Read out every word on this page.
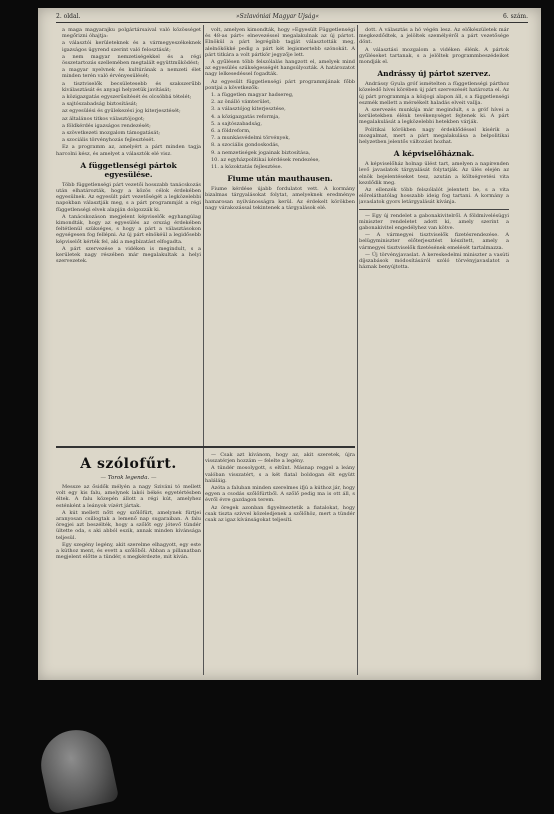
2. oldal.	»Szlavóniai Magyar Ujság«	6. szám.

a maga magyarajku polgártársaival való közösséget megőrizni óhajtja:

a választói kerületeknek és a vármegyeszékeknek igazságos ügyrend szerint való felosztását;

a nem magyar nemzetiségekkel és a régi összetartozás szellemében megtalált együttműködést;

a magyar nyelvnek és kultúrának a nemzeti élet minden terén való érvényesülését;

a tisztviselők becsületesebb és szakszerűbb kiválasztását és anyagi helyzetük javítását;

a közigazgatás egyszerűsítését és olcsóbbá tételét;

a sajtószabadság biztosítását;

az egyesülési és gyülekezési jog kiterjesztését;

az általános titkos választójogot;

a földkérdés igazságos rendezését;

a szövetkezeti mozgalom támogatását;

a szociális törvényhozás fejlesztését.

Ez a programm az, amelyért a párt minden tagja harcolni kész, és amelyet a választók elé visz.

A függetlenségi pártok egyesülése.

Több függetlenségi párt vezetői hosszabb tanácskozás után elhatározták, hogy a közös célok érdekében egyesülnek. Az egyesült párt vezetőségét a legközelebbi napokban választják meg, s a párt programmját a régi függetlenségi elvek alapján dolgozzák ki.

A tanácskozáson megjelent képviselők egyhangúlag kimondták, hogy az egyesülés az ország érdekében feltétlenül szükséges, s hogy a párt a választásokon egységesen fog fellépni. Az új párt elnökéül a legidősebb képviselőt kérték fel, aki a megbízatást elfogadta.

A párt szervezése a vidéken is megindult, s a kerületek nagy részében már megalakultak a helyi szervezetek.

volt, amelyen kimondták, hogy »Egyesült Függetlenségi és 48-as párt« elnevezéssel megalakulnak az új pártot. Elnökül a párt legrégibb tagját választották meg, alelnökökké pedig a párt két legismertebb szónokát. A párt titkára a volt pártkör jegyzője lett.

A gyűlésen több felszólalás hangzott el, amelyek mind az egyesülés szükségességét hangsúlyozták. A határozatot nagy lelkesedéssel fogadták.

Az egyesült függetlenségi párt programmjának főbb pontjai a következők:

1. a független magyar hadsereg,

2. az önálló vámterület,

3. a választójog kiterjesztése,

4. a közigazgatás reformja,

5. a sajtószabadság,

6. a földreform,

7. a munkásvédelmi törvények,

8. a szociális gondoskodás,

9. a nemzetiségek jogainak biztosítása,

10. az egyházpolitikai kérdések rendezése,

11. a közoktatás fejlesztése.

Fiume után mauthausen.

Fiume kérdése újabb fordulatot vett. A kormány bizalmas tárgyalásokat folytat, amelyeknek eredménye hamarosan nyilvánosságra kerül. Az érdekelt körökben nagy várakozással tekintenek a tárgyalások elé.

dott. A választás a hó végén lesz. Az előkészületek már megkezdődtek, a jelöltek személyéről a párt vezetősége dönt.

A választási mozgalom a vidéken élénk. A pártok gyűléseket tartanak, s a jelöltek programmbeszédeiket mondják el.

Andrássy új pártot szervez.

Andrássy Gyula gróf ismételten a függetlenségi párthoz közeledő hívei körében új párt szervezését határozta el. Az új párt programmja a közjogi alapon áll, s a függetlenségi eszmék mellett a mérsékelt haladás elveit vallja.

A szervezés munkája már megindult, s a gróf hívei a kerületekben élénk tevékenységet fejtenek ki. A párt megalakulását a legközelebbi hetekben várják.

Politikai körökben nagy érdeklődéssel kísérik a mozgalmat, mert a párt megalakulása a belpolitikai helyzetben jelentős változást hozhat.

A képviselőháznak.

A képviselőház holnap ülést tart, amelyen a napirenden levő javaslatok tárgyalását folytatják. Az ülés elején az elnök bejelentéseket tesz, azután a költségvetési vita kezdődik meg.

Az ellenzék több felszólalót jelentett be, s a vita előreláthatólag hosszabb ideig fog tartani. A kormány a javaslatok gyors letárgyalását kívánja.

— Egy új rendelet a gabonakivitelről. A földmívelésügyi miniszter rendeletet adott ki, amely szerint a gabonakivitel engedélyhez van kötve.

— A vármegyei tisztviselők fizetésrendezése. A belügyminiszter előterjesztést készített, amely a vármegyei tisztviselők fizetésének emelését tartalmazza.

— Új törvényjavaslat. A kereskedelmi miniszter a vasúti díjszabások módosításáról szóló törvényjavaslatot a háznak benyújtotta.

A szólofűrt.
— Torok legenda. —

Messze az ősidők mélyén a nagy Sziváni tó mellett volt egy kis falu, amelynek lakói békés egyetértésben éltek. A falu közepén állott a régi kút, amelyhez esténként a leányok vízért jártak.

A kút mellett nőtt egy szőlőfürt, amelynek fürtjei aranyosan csillogtak a lemenő nap sugaraiban. A falu öregjei azt beszélték, hogy a szőlőt egy jótevő tündér ültette oda, s aki abból eszik, annak minden kívánsága teljesül.

Egy szegény legény, akit szerelme elhagyott, egy este a kúthoz ment, és evett a szőlőből. Abban a pillanatban megjelent előtte a tündér, s megkérdezte, mit kíván.

— Csak azt kívánom, hogy az, akit szeretek, újra visszatérjen hozzám — felelte a legény.

A tündér mosolygott, s eltűnt. Másnap reggel a leány valóban visszatért, s a két fiatal boldogan élt együtt haláláig.

Azóta a faluban minden szerelmes ifjú a kúthoz jár, hogy egyen a csodás szőlőfürtből. A szőlő pedig ma is ott áll, s évről évre gazdagon terem.

Az öregek azonban figyelmeztetik a fiatalokat, hogy csak tiszta szívvel közeledjenek a szőlőhöz, mert a tündér csak az igaz kívánságokat teljesíti.
